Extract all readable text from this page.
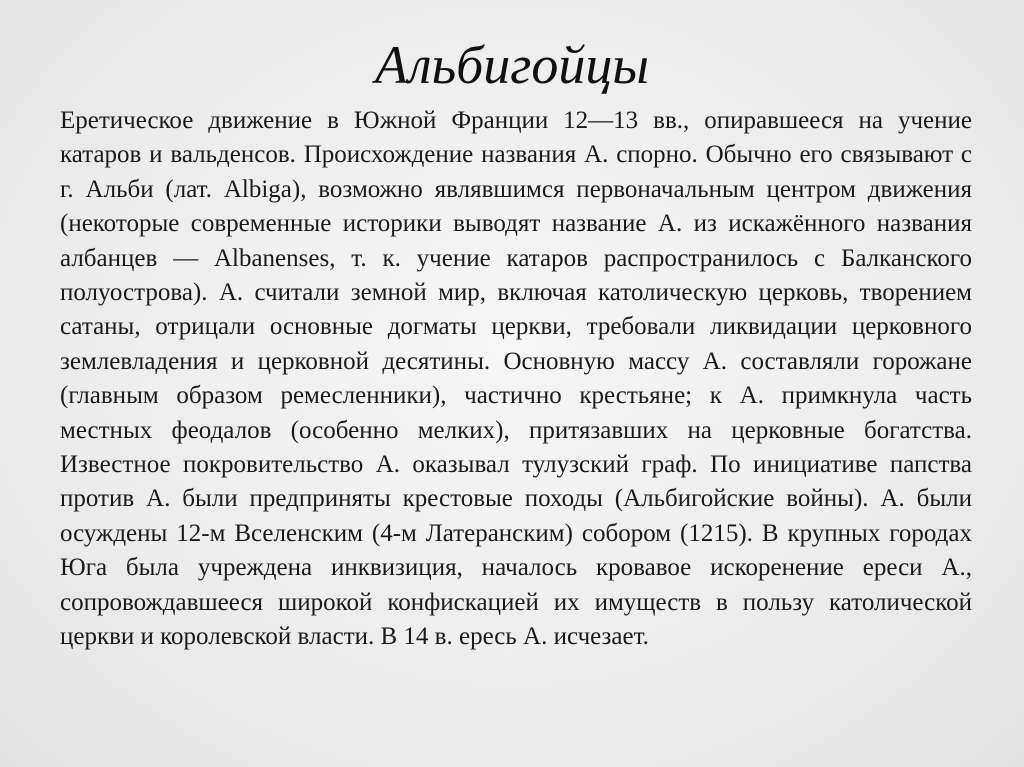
Альбигойцы

Еретическое движение в Южной Франции 12—13 вв., опиравшееся на учение катаров и вальденсов. Происхождение названия А. спорно. Обычно его связывают с г. Альби (лат. Albiga), возможно являвшимся первоначальным центром движения (некоторые современные историки выводят название А. из искажённого названия албанцев — Albanenses, т. к. учение катаров распространилось с Балканского полуострова). А. считали земной мир, включая католическую церковь, творением сатаны, отрицали основные догматы церкви, требовали ликвидации церковного землевладения и церковной десятины. Основную массу А. составляли горожане (главным образом ремесленники), частично крестьяне; к А. примкнула часть местных феодалов (особенно мелких), притязавших на церковные богатства. Известное покровительство А. оказывал тулузский граф. По инициативе папства против А. были предприняты крестовые походы (Альбигойские войны). А. были осуждены 12-м Вселенским (4-м Латеранским) собором (1215). В крупных городах Юга была учреждена инквизиция, началось кровавое искоренение ереси А., сопровождавшееся широкой конфискацией их имуществ в пользу католической церкви и королевской власти. В 14 в. ересь А. исчезает.
